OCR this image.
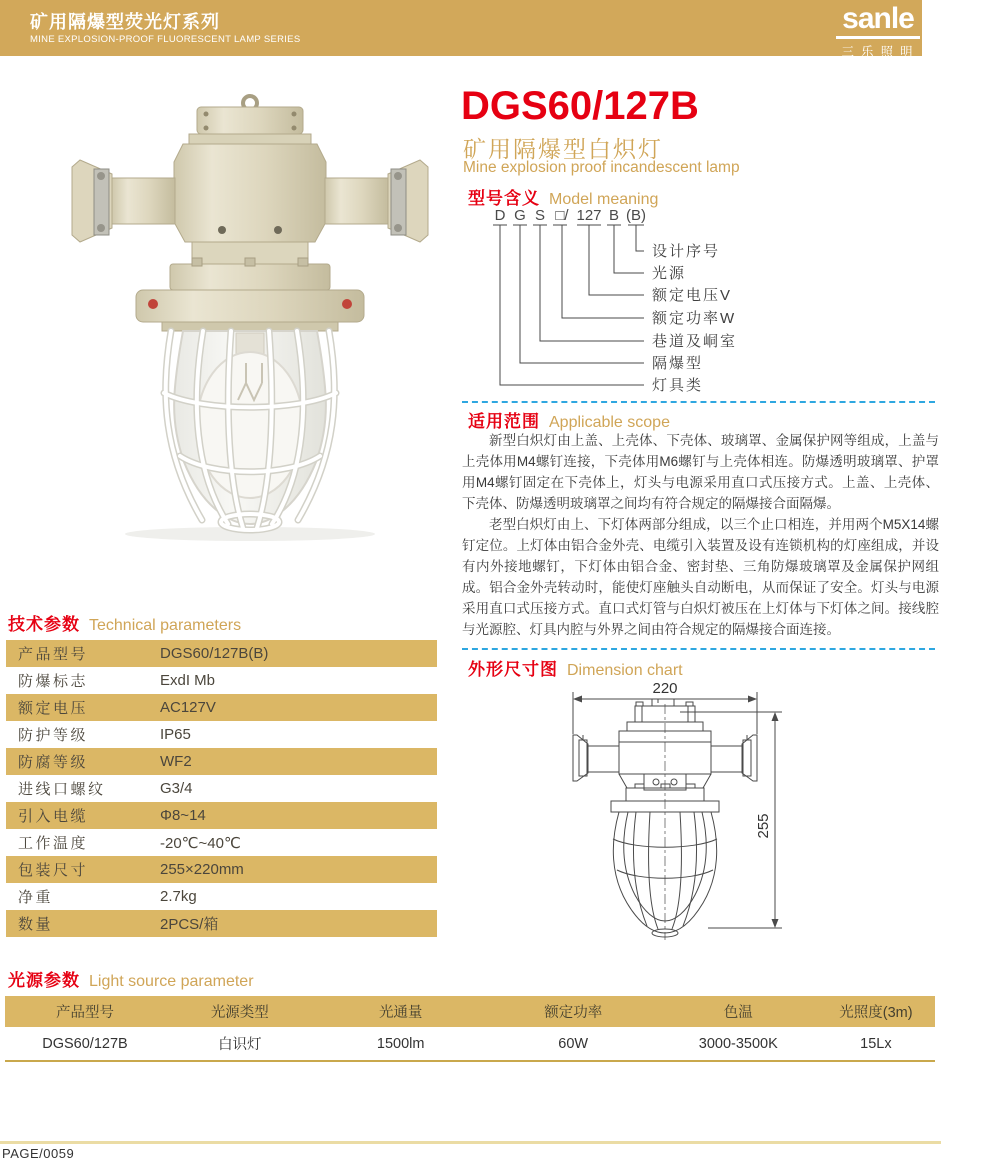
矿用隔爆型荧光灯系列
MINE EXPLOSION-PROOF FLUORESCENT LAMP SERIES
sanle
三乐照明
DGS60/127B
矿用隔爆型白炽灯
Mine explosion proof incandescent lamp
型号含义 Model meaning
D G S □/ 127 B (B)
设计序号
光源
额定电压V
额定功率W
巷道及峒室
隔爆型
灯具类
适用范围 Applicable scope

新型白炽灯由上盖、上壳体、下壳体、玻璃罩、金属保护网等组成，上盖与上壳体用M4螺钉连接，下壳体用M6螺钉与上壳体相连。防爆透明玻璃罩、护罩用M4螺钉固定在下壳体上，灯头与电源采用直口式压接方式。上盖、上壳体、下壳体、防爆透明玻璃罩之间均有符合规定的隔爆接合面隔爆。

老型白炽灯由上、下灯体两部分组成，以三个止口相连，并用两个M5X14螺钉定位。上灯体由铝合金外壳、电缆引入装置及设有连锁机构的灯座组成，并设有内外接地螺钉，下灯体由铝合金、密封垫、三角防爆玻璃罩及金属保护网组成。铝合金外壳转动时，能使灯座触头自动断电，从而保证了安全。灯头与电源采用直口式压接方式。直口式灯管与白炽灯被压在上灯体与下灯体之间。接线腔与光源腔、灯具内腔与外界之间由符合规定的隔爆接合面连接。

外形尺寸图 Dimension chart
220
255
技术参数 Technical parameters
产品型号	DGS60/127B(B)
防爆标志	ExdI Mb
额定电压	AC127V
防护等级	IP65
防腐等级	WF2
进线口螺纹	G3/4
引入电缆	Φ8~14
工作温度	-20℃~40℃
包装尺寸	255×220mm
净重	2.7kg
数量	2PCS/箱
光源参数 Light source parameter
产品型号	光源类型	光通量	额定功率	色温	光照度(3m)
DGS60/127B	白识灯	1500lm	60W	3000-3500K	15Lx
PAGE/0059
